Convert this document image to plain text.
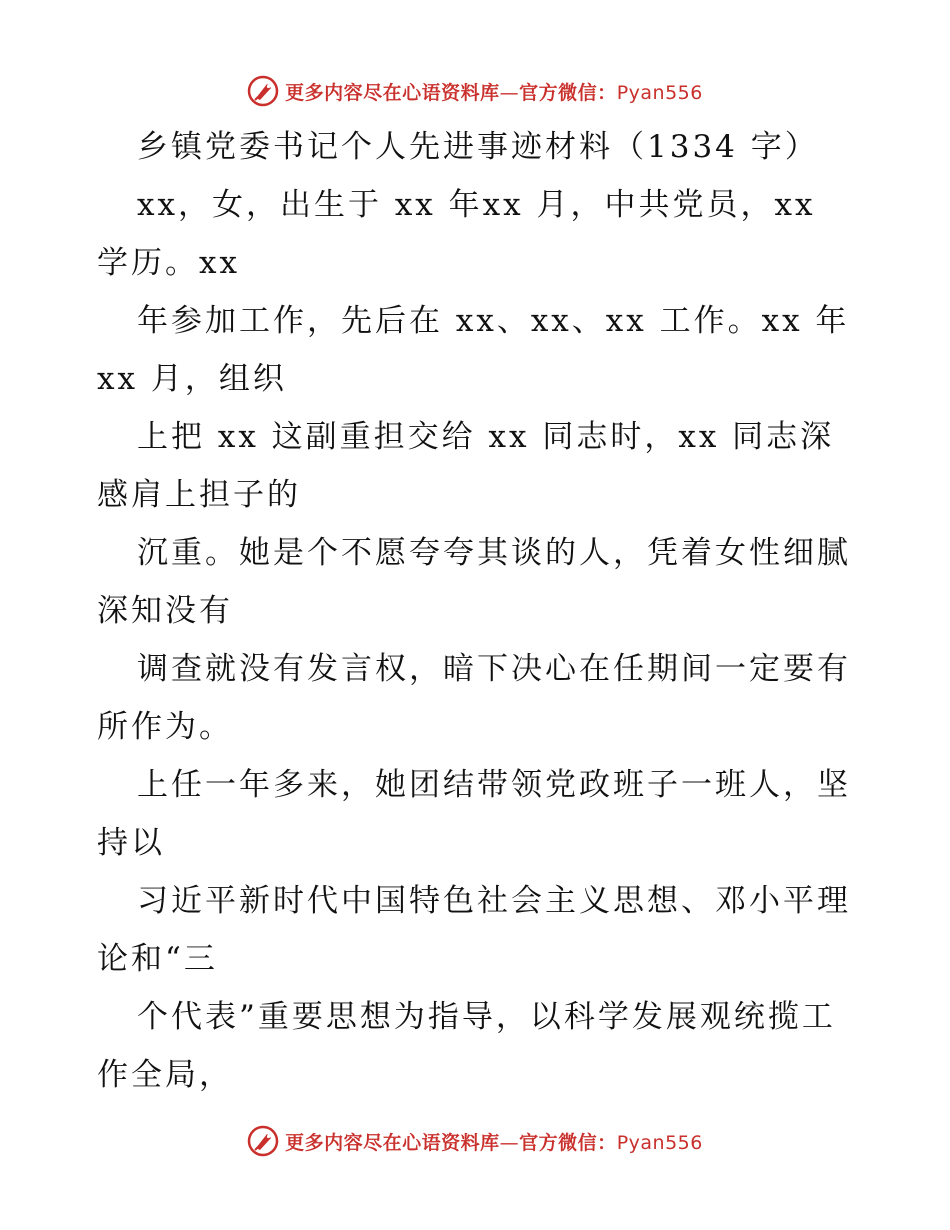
更多内容尽在心语资料库—官方微信：Pyan556
乡镇党委书记个人先进事迹材料（1334 字）
xx，女，出生于 xx 年xx 月，中共党员，xx
学历。xx
年参加工作，先后在 xx、xx、xx 工作。xx 年
xx 月，组织
上把 xx 这副重担交给 xx 同志时，xx 同志深
感肩上担子的
沉重。她是个不愿夸夸其谈的人，凭着女性细腻
深知没有
调查就没有发言权，暗下决心在任期间一定要有
所作为。
上任一年多来，她团结带领党政班子一班人，坚
持以
习近平新时代中国特色社会主义思想、邓小平理
论和“三
个代表”重要思想为指导，以科学发展观统揽工
作全局，
更多内容尽在心语资料库—官方微信：Pyan556
